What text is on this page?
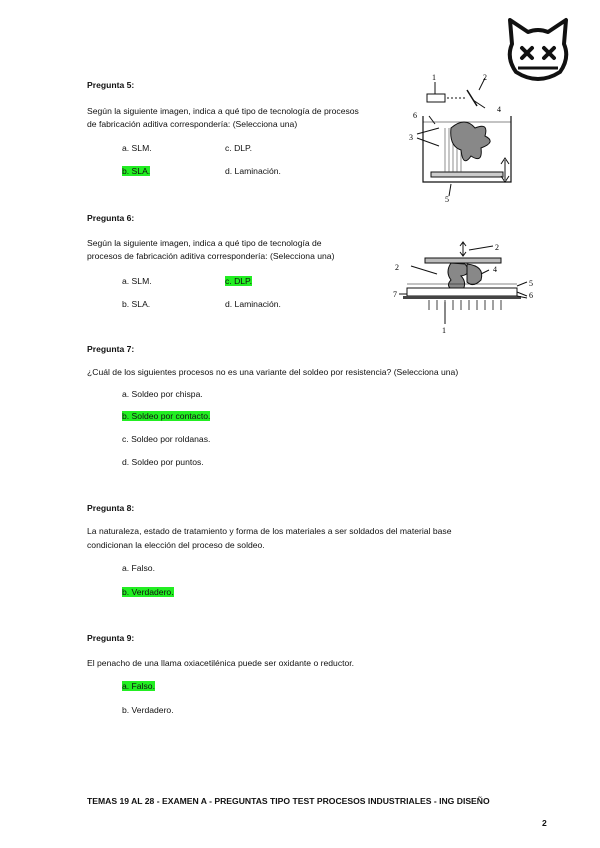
Pregunta 5:
Según la siguiente imagen, indica a qué tipo de tecnología de procesos
de fabricación aditiva correspondería: (Selecciona una)
a. SLM.
b. SLA.
c. DLP.
d. Laminación.
1	2
3
4
5
6
Pregunta 6:
Según la siguiente imagen, indica a qué tipo de tecnología de
procesos de fabricación aditiva correspondería: (Selecciona una)
a. SLM.
b. SLA.
c. DLP.
d. Laminación.
2
2	4
5
6
7
1
Pregunta 7:
¿Cuál de los siguientes procesos no es una variante del soldeo por resistencia? (Selecciona una)
a. Soldeo por chispa.
b. Soldeo por contacto.
c. Soldeo por roldanas.
d. Soldeo por puntos.
Pregunta 8:
La naturaleza, estado de tratamiento y forma de los materiales a ser soldados del material base
condicionan la elección del proceso de soldeo.
a. Falso.
b. Verdadero.
Pregunta 9:
El penacho de una llama oxiacetilénica puede ser oxidante o reductor.
a. Falso.
b. Verdadero.
TEMAS 19 AL 28 - EXAMEN A - PREGUNTAS TIPO TEST PROCESOS INDUSTRIALES - ING DISEÑO
2
